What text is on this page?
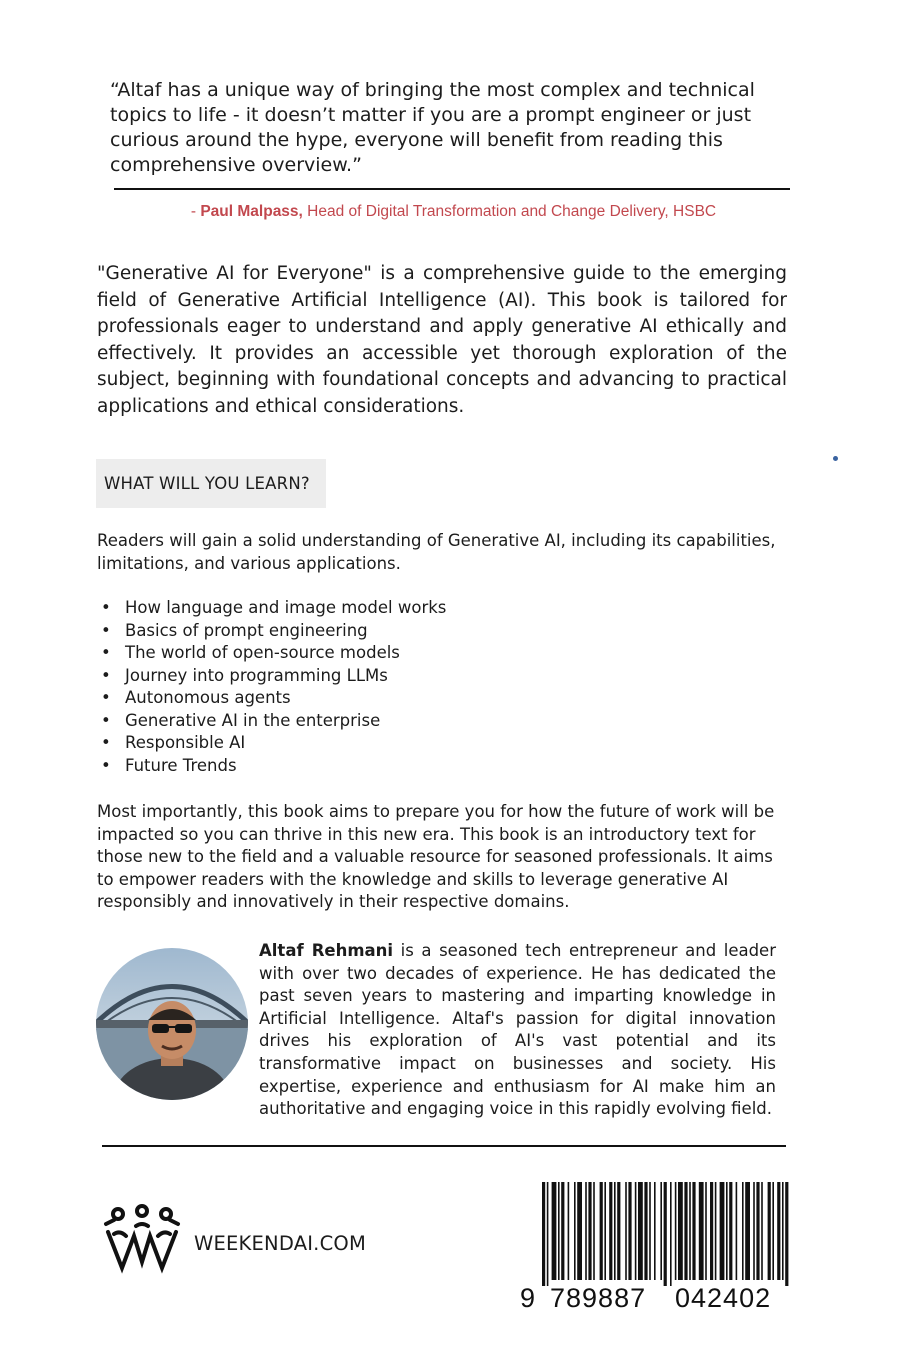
“Altaf has a unique way of bringing the most complex and technical topics to life - it doesn’t matter if you are a prompt engineer or just curious around the hype, everyone will benefit from reading this comprehensive overview.”

- Paul Malpass, Head of Digital Transformation and Change Delivery, HSBC

"Generative AI for Everyone" is a comprehensive guide to the emerging field of Generative Artificial Intelligence (AI). This book is tailored for professionals eager to understand and apply generative AI ethically and effectively. It provides an accessible yet thorough exploration of the subject, beginning with foundational concepts and advancing to practical applications and ethical considerations.

WHAT WILL YOU LEARN?

Readers will gain a solid understanding of Generative AI, including its capabilities, limitations, and various applications.

• How language and image model works
• Basics of prompt engineering
• The world of open-source models
• Journey into programming LLMs
• Autonomous agents
• Generative AI in the enterprise
• Responsible AI
• Future Trends

Most importantly, this book aims to prepare you for how the future of work will be impacted so you can thrive in this new era. This book is an introductory text for those new to the field and a valuable resource for seasoned professionals. It aims to empower readers with the knowledge and skills to leverage generative AI responsibly and innovatively in their respective domains.

Altaf Rehmani is a seasoned tech entrepreneur and leader with over two decades of experience. He has dedicated the past seven years to mastering and imparting knowledge in Artificial Intelligence. Altaf's passion for digital innovation drives his exploration of AI's vast potential and its transformative impact on businesses and society. His expertise, experience and enthusiasm for AI make him an authoritative and engaging voice in this rapidly evolving field.

WEEKENDAI.COM
9 789887 042402
